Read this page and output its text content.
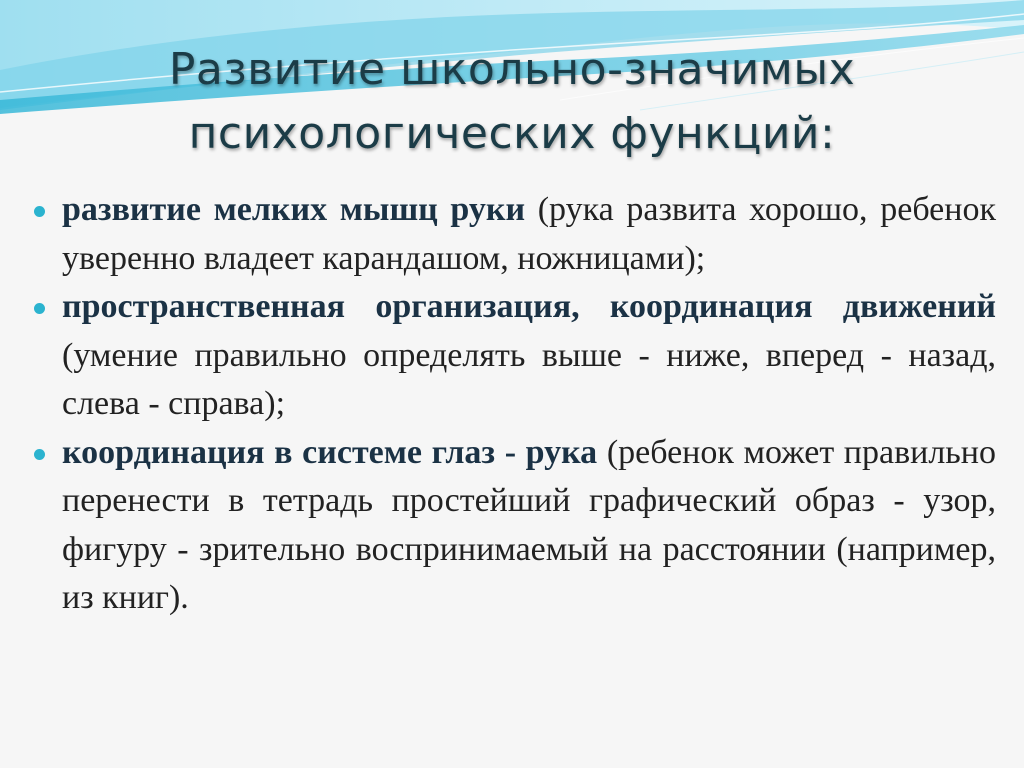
Развитие школьно-значимых
психологических функций:
развитие мелких мышц руки (рука развита хорошо, ребенок уверенно владеет карандашом, ножницами);
пространственная организация, координация движений (умение правильно определять выше - ниже, вперед - назад, слева - справа);
координация в системе глаз - рука (ребенок может правильно перенести в тетрадь простейший графический образ - узор, фигуру - зрительно воспринимаемый на расстоянии (например, из книг).
